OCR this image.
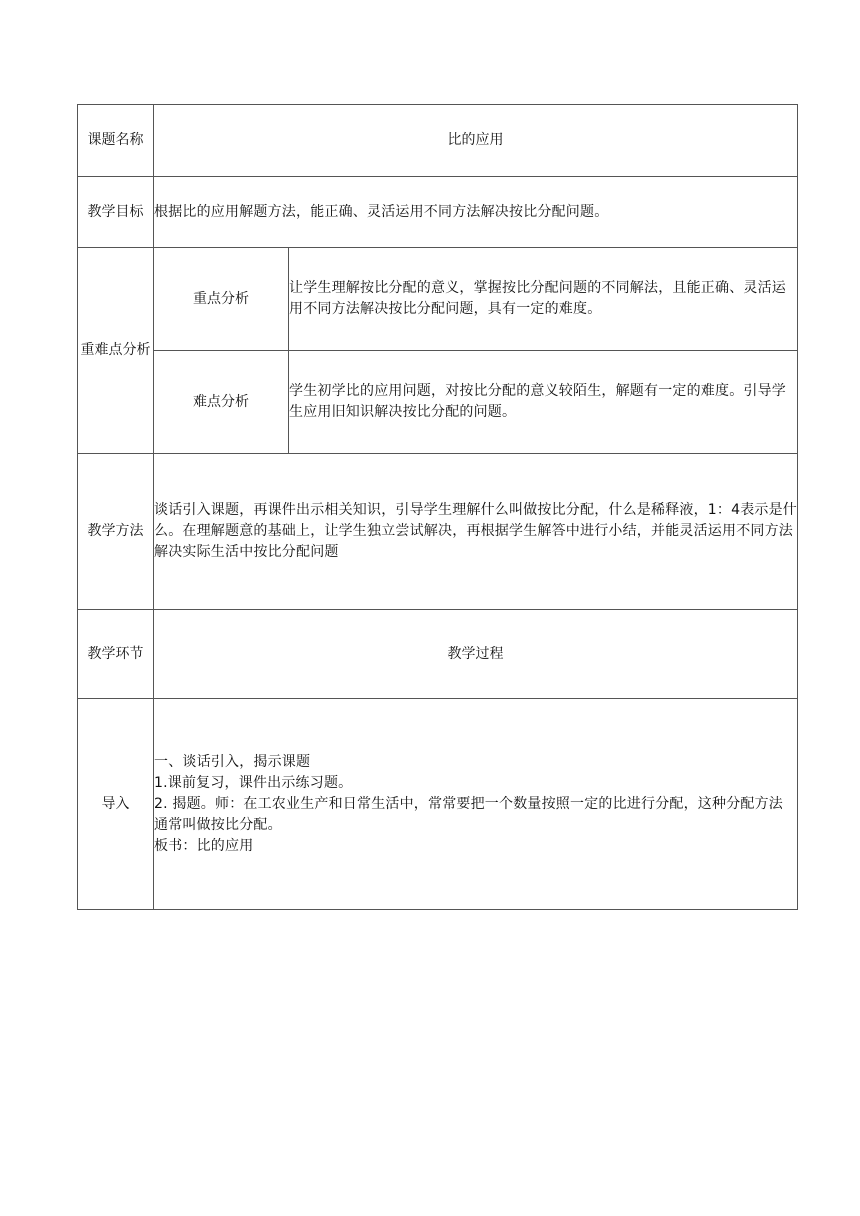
课题名称	比的应用	
教学目标	根据比的应用解题方法，能正确、灵活运用不同方法解决按比分配问题。	
重难点分析	重点分析	让学生理解按比分配的意义，掌握按比分配问题的不同解法，且能正确、灵活运用不同方法解决按比分配问题，具有一定的难度。
	难点分析	学生初学比的应用问题，对按比分配的意义较陌生，解题有一定的难度。引导学生应用旧知识解决按比分配的问题。
教学方法	谈话引入课题，再课件出示相关知识，引导学生理解什么叫做按比分配，什么是稀释液，1：4表示是什么。在理解题意的基础上，让学生独立尝试解决，再根据学生解答中进行小结，并能灵活运用不同方法解决实际生活中按比分配问题	
教学环节	教学过程	
导入	一、谈话引入，揭示课题
1.课前复习，课件出示练习题。
2. 揭题。师：在工农业生产和日常生活中，常常要把一个数量按照一定的比进行分配，这种分配方法通常叫做按比分配。
板书：比的应用	
